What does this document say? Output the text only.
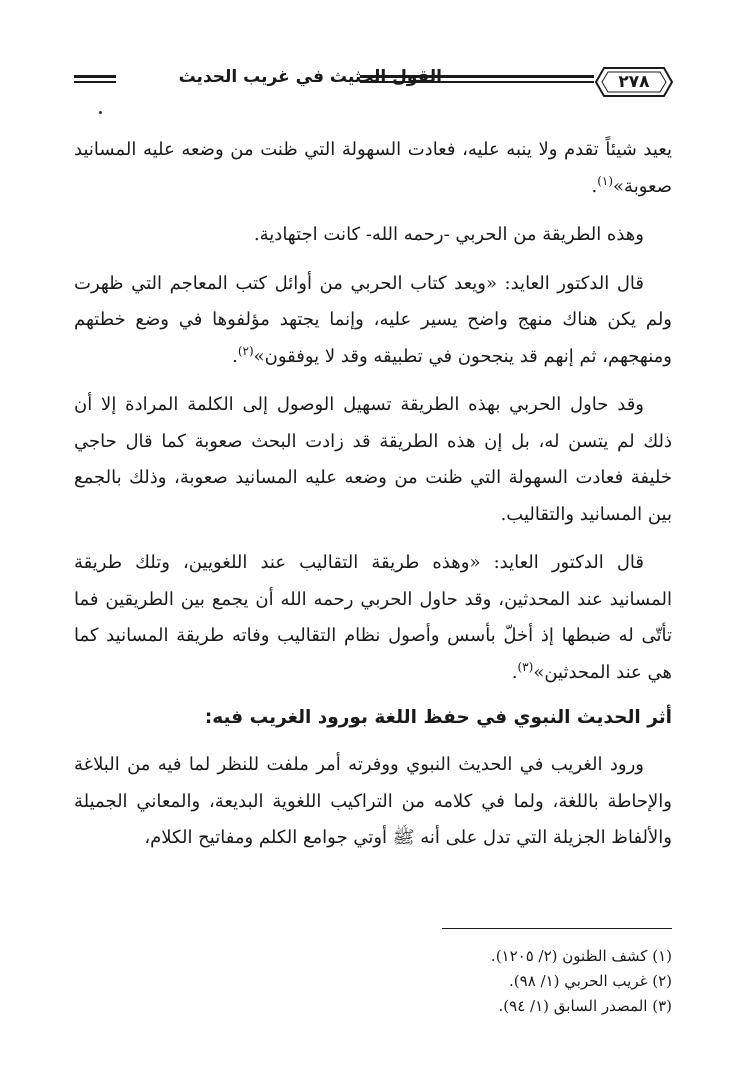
القول الحثيث في غريب الحديث	٢٧٨

يعيد شيئاً تقدم ولا ينبه عليه، فعادت السهولة التي ظنت من وضعه عليه المسانيد صعوبة»$^{(١)}$.

وهذه الطريقة من الحربي -رحمه الله- كانت اجتهادية.

قال الدكتور العايد: «ويعد كتاب الحربي من أوائل كتب المعاجم التي ظهرت ولم يكن هناك منهج واضح يسير عليه، وإنما يجتهد مؤلفوها في وضع خطتهم ومنهجهم، ثم إنهم قد ينجحون في تطبيقه وقد لا يوفقون»$^{(٢)}$.

وقد حاول الحربي بهذه الطريقة تسهيل الوصول إلى الكلمة المرادة إلا أن ذلك لم يتسن له، بل إن هذه الطريقة قد زادت البحث صعوبة كما قال حاجي خليفة فعادت السهولة التي ظنت من وضعه عليه المسانيد صعوبة، وذلك بالجمع بين المسانيد والتقاليب.

قال الدكتور العايد: «وهذه طريقة التقاليب عند اللغويين، وتلك طريقة المسانيد عند المحدثين، وقد حاول الحربي رحمه الله أن يجمع بين الطريقين فما تأتّى له ضبطها إذ أخلّ بأسس وأصول نظام التقاليب وفاته طريقة المسانيد كما هي عند المحدثين»$^{(٣)}$.

أثر الحديث النبوي في حفظ اللغة بورود الغريب فيه:

ورود الغريب في الحديث النبوي ووفرته أمر ملفت للنظر لما فيه من البلاغة والإحاطة باللغة، ولما في كلامه من التراكيب اللغوية البديعة، والمعاني الجميلة والألفاظ الجزيلة التي تدل على أنه ﷺ أوتي جوامع الكلم ومفاتيح الكلام،

(١) كشف الظنون (٢/ ١٢٠٥).

(٢) غريب الحربي (١/ ٩٨).

(٣) المصدر السابق (١/ ٩٤).
